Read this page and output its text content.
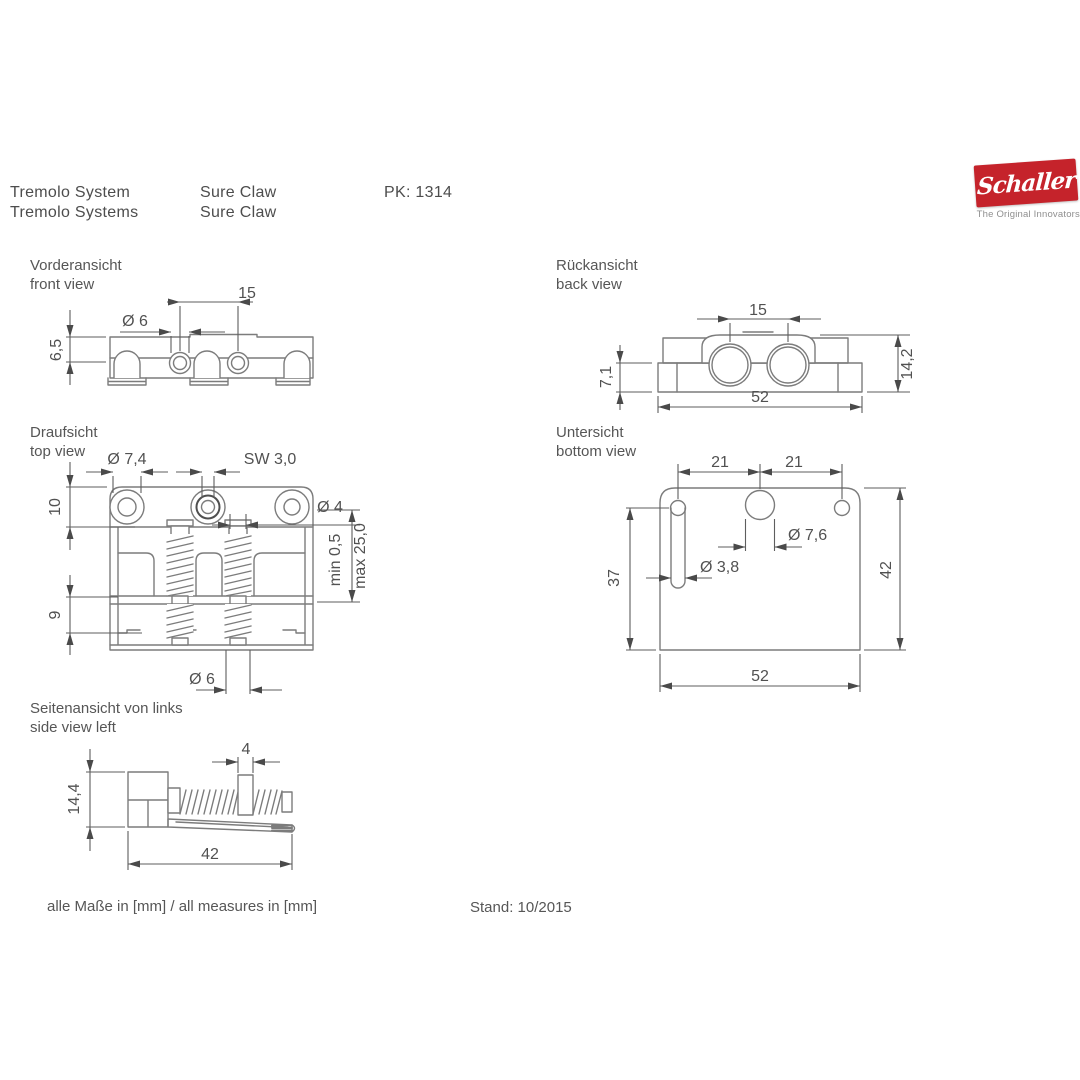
Tremolo System	Sure Claw	PK: 1314
Tremolo Systems	Sure Claw
Schaller
The Original Innovators
Vorderansicht
front view
15
Ø 6
6,5
Rückansicht
back view
15
7,1	14,2
52
Draufsicht
top view	Ø 7,4	SW 3,0
10
9
Ø 4
min 0,5 max 25,0
Ø 6
Untersicht
bottom view
21	21
37	42
52
Ø 7,6
Ø 3,8
Seitenansicht von links
side view left
4
14,4
42
alle Maße in [mm] / all measures in [mm]	Stand: 10/2015
